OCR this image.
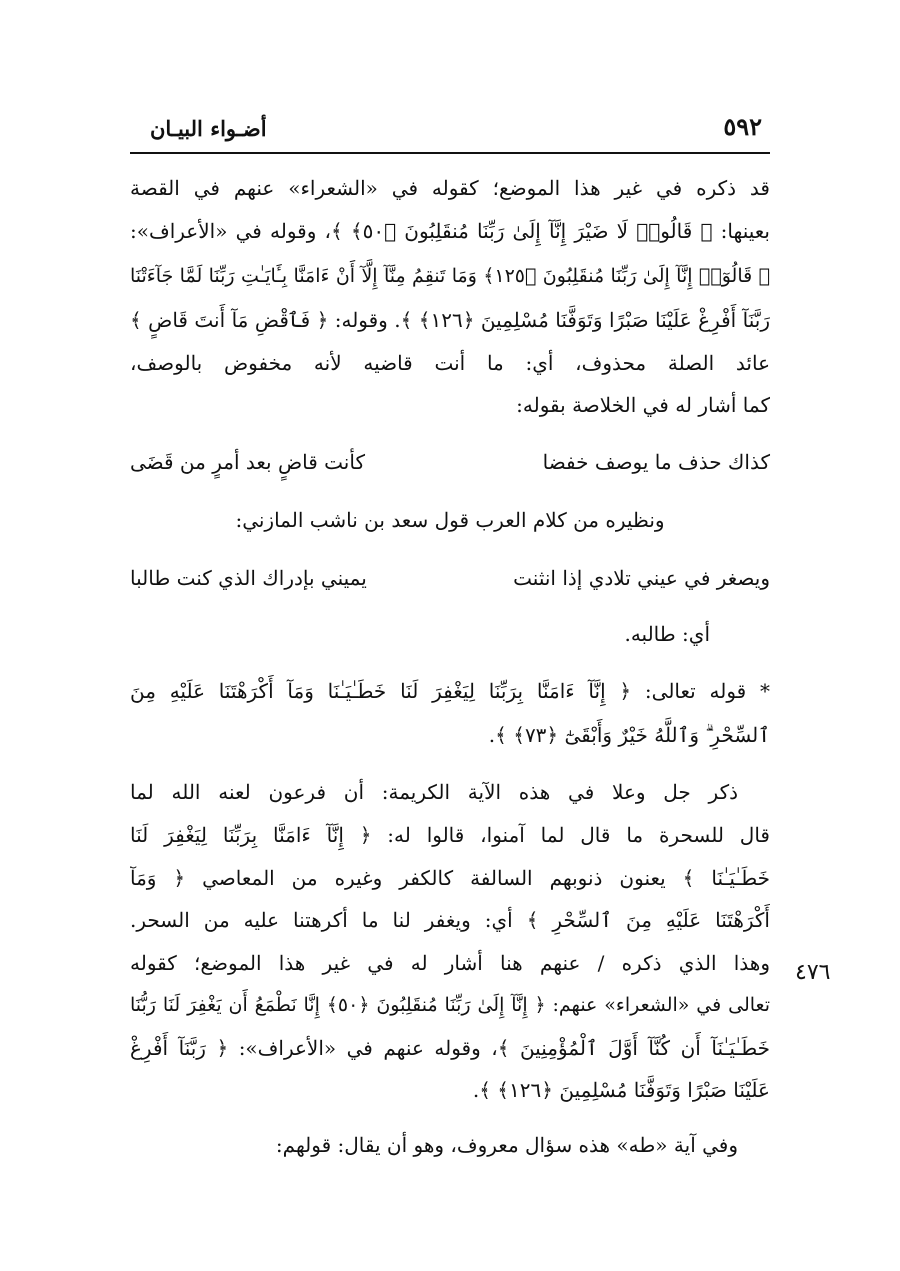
٥٩٢
أضـواء البيـان
قد ذكره في غير هذا الموضع؛ كقوله في «الشعراء» عنهم في القصة
بعينها: ﴿ قَالُوا۟ لَا ضَيْرَ إِنَّآ إِلَىٰ رَبِّنَا مُنقَلِبُونَ ﴿٥٠﴾ ﴾، وقوله في «الأعراف»:
﴿ قَالُوٓا۟ إِنَّآ إِلَىٰ رَبِّنَا مُنقَلِبُونَ ﴿١٢٥﴾ وَمَا تَنقِمُ مِنَّآ إِلَّآ أَنْ ءَامَنَّا بِـَٔايَـٰتِ رَبِّنَا لَمَّا جَآءَتْنَا
رَبَّنَآ أَفْرِغْ عَلَيْنَا صَبْرًا وَتَوَفَّنَا مُسْلِمِينَ ﴿١٢٦﴾ ﴾. وقوله: ﴿ فَٱقْضِ مَآ أَنتَ قَاضٍ ﴾
عائد الصلة محذوف، أي: ما أنت قاضيه لأنه مخفوض بالوصف،
كما أشار له في الخلاصة بقوله:
كذاك حذف ما يوصف خفضا
كأنت قاضٍ بعد أمرٍ من قَضَى
ونظيره من كلام العرب قول سعد بن ناشب المازني:
ويصغر في عيني تلادي إذا انثنت
يميني بإدراك الذي كنت طالبا
أي: طالبه.
* قوله تعالى: ﴿ إِنَّآ ءَامَنَّا بِرَبِّنَا لِيَغْفِرَ لَنَا خَطَـٰيَـٰنَا وَمَآ أَكْرَهْتَنَا عَلَيْهِ مِنَ
ٱلسِّحْرِ ۗ وَٱللَّهُ خَيْرٌ وَأَبْقَىٰٓ ﴿٧٣﴾ ﴾.
ذكر جل وعلا في هذه الآية الكريمة: أن فرعون لعنه الله لما
قال للسحرة ما قال لما آمنوا، قالوا له: ﴿ إِنَّآ ءَامَنَّا بِرَبِّنَا لِيَغْفِرَ لَنَا
خَطَـٰيَـٰنَا ﴾ يعنون ذنوبهم السالفة كالكفر وغيره من المعاصي ﴿ وَمَآ
أَكْرَهْتَنَا عَلَيْهِ مِنَ ٱلسِّحْرِ ﴾ أي: ويغفر لنا ما أكرهتنا عليه من السحر.
وهذا الذي ذكره / عنهم هنا أشار له في غير هذا الموضع؛ كقوله
تعالى في «الشعراء» عنهم: ﴿ إِنَّآ إِلَىٰ رَبِّنَا مُنقَلِبُونَ ﴿٥٠﴾ إِنَّا نَطْمَعُ أَن يَغْفِرَ لَنَا رَبُّنَا
خَطَـٰيَـٰنَآ أَن كُنَّآ أَوَّلَ ٱلْمُؤْمِنِينَ ﴾، وقوله عنهم في «الأعراف»: ﴿ رَبَّنَآ أَفْرِغْ
عَلَيْنَا صَبْرًا وَتَوَفَّنَا مُسْلِمِينَ ﴿١٢٦﴾ ﴾.
٤٧٦
وفي آية «طه» هذه سؤال معروف، وهو أن يقال: قولهم:
